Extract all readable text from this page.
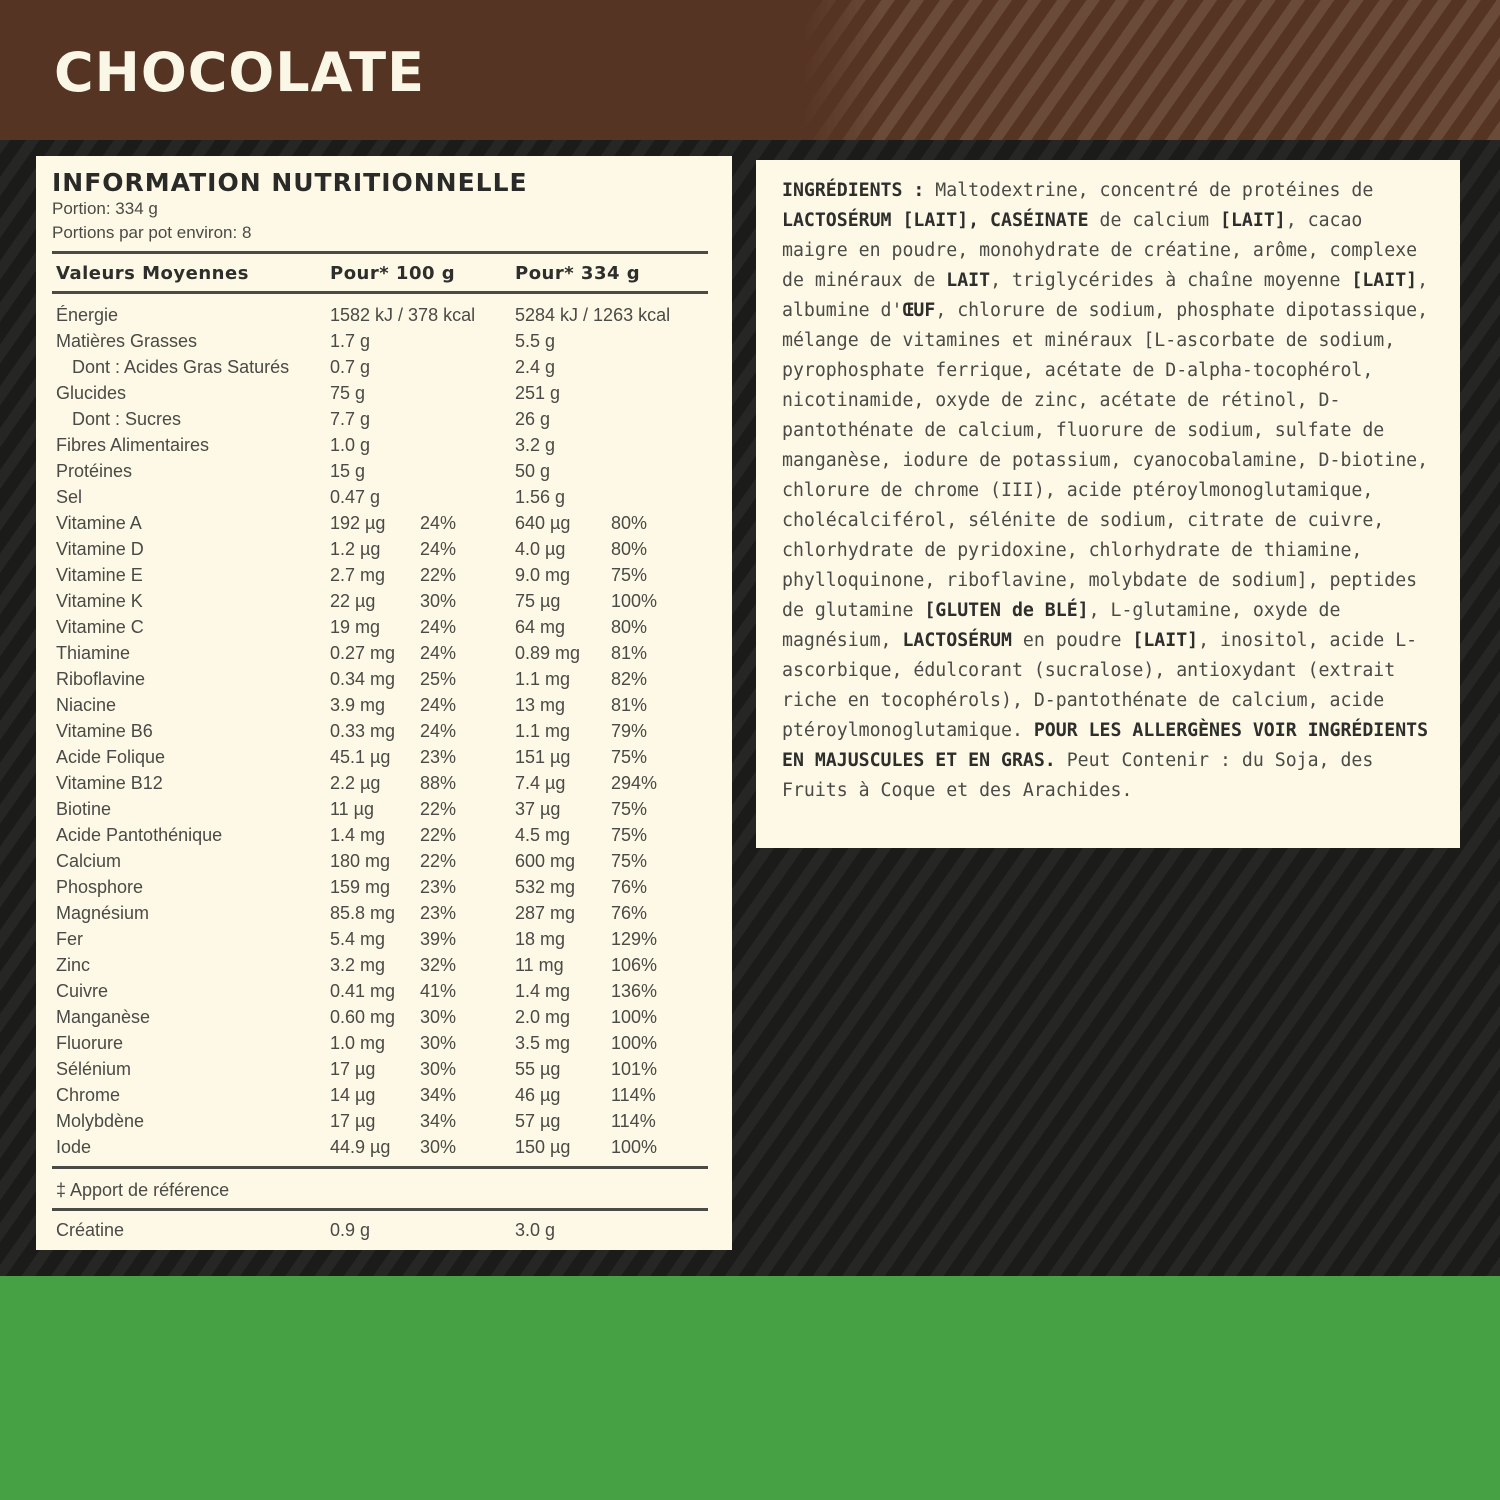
CHOCOLATE
INFORMATION NUTRITIONNELLE
Portion: 334 g
Portions par pot environ: 8
Valeurs Moyennes	Pour* 100 g	Pour* 334 g
Énergie	1582 kJ / 378 kcal 5284 kJ / 1263 kcal
Matières Grasses	1.7 g	5.5 g
Dont : Acides Gras Saturés 0.7 g	2.4 g
Glucides	75 g	251 g
Dont : Sucres	7.7 g	26 g
Fibres Alimentaires	1.0 g	3.2 g
Protéines	15 g	50 g
Sel	0.47 g	1.56 g
Vitamine A	192 µg 24%	640 µg 80%
Vitamine D	1.2 µg 24%	4.0 µg	80%
Vitamine E	2.7 mg 22%	9.0 mg 75%
Vitamine K	22 µg 30%	75 µg	100%
Vitamine C	19 mg 24%	64 mg	80%
Thiamine	0.27 mg 24%	0.89 mg 81%
Riboflavine	0.34 mg 25%	1.1 mg 82%
Niacine	3.9 mg 24%	13 mg	81%
Vitamine B6	0.33 mg 24%	1.1 mg 79%
Acide Folique	45.1 µg 23%	151 µg 75%
Vitamine B12	2.2 µg 88%	7.4 µg	294%
Biotine	11 µg	22%	37 µg	75%
Acide Pantothénique	1.4 mg 22%	4.5 mg 75%
Calcium	180 mg 22%	600 mg 75%
Phosphore	159 mg 23%	532 mg 76%
Magnésium	85.8 mg 23%	287 mg 76%
Fer	5.4 mg 39%	18 mg	129%
Zinc	3.2 mg 32%	11 mg	106%
Cuivre	0.41 mg 41%	1.4 mg 136%
Manganèse	0.60 mg 30%	2.0 mg 100%
Fluorure	1.0 mg 30%	3.5 mg 100%
Sélénium	17 µg 30%	55 µg	101%
Chrome	14 µg 34%	46 µg	114%
Molybdène	17 µg 34%	57 µg	114%
Iode	44.9 µg 30%	150 µg 100%
‡ Apport de référence
Créatine	0.9 g	3.0 g

INGRÉDIENTS : Maltodextrine, concentré de protéines de LACTOSÉRUM [LAIT], CASÉINATE de calcium [LAIT], cacao maigre en poudre, monohydrate de créatine, arôme, complexe de minéraux de LAIT, triglycérides à chaîne moyenne [LAIT], albumine d'ŒUF, chlorure de sodium, phosphate dipotassique, mélange de vitamines et minéraux [L-ascorbate de sodium, pyrophosphate ferrique, acétate de D-alpha-tocophérol, nicotinamide, oxyde de zinc, acétate de rétinol, D-pantothénate de calcium, fluorure de sodium, sulfate de manganèse, iodure de potassium, cyanocobalamine, D-biotine, chlorure de chrome (III), acide ptéroylmonoglutamique, cholécalciférol, sélénite de sodium, citrate de cuivre, chlorhydrate de pyridoxine, chlorhydrate de thiamine, phylloquinone, riboflavine, molybdate de sodium], peptides de glutamine [GLUTEN de BLÉ], L-glutamine, oxyde de magnésium, LACTOSÉRUM en poudre [LAIT], inositol, acide L-ascorbique, édulcorant (sucralose), antioxydant (extrait riche en tocophérols), D-pantothénate de calcium, acide ptéroylmonoglutamique. POUR LES ALLERGÈNES VOIR INGRÉDIENTS EN MAJUSCULES ET EN GRAS. Peut Contenir : du Soja, des Fruits à Coque et des Arachides.
